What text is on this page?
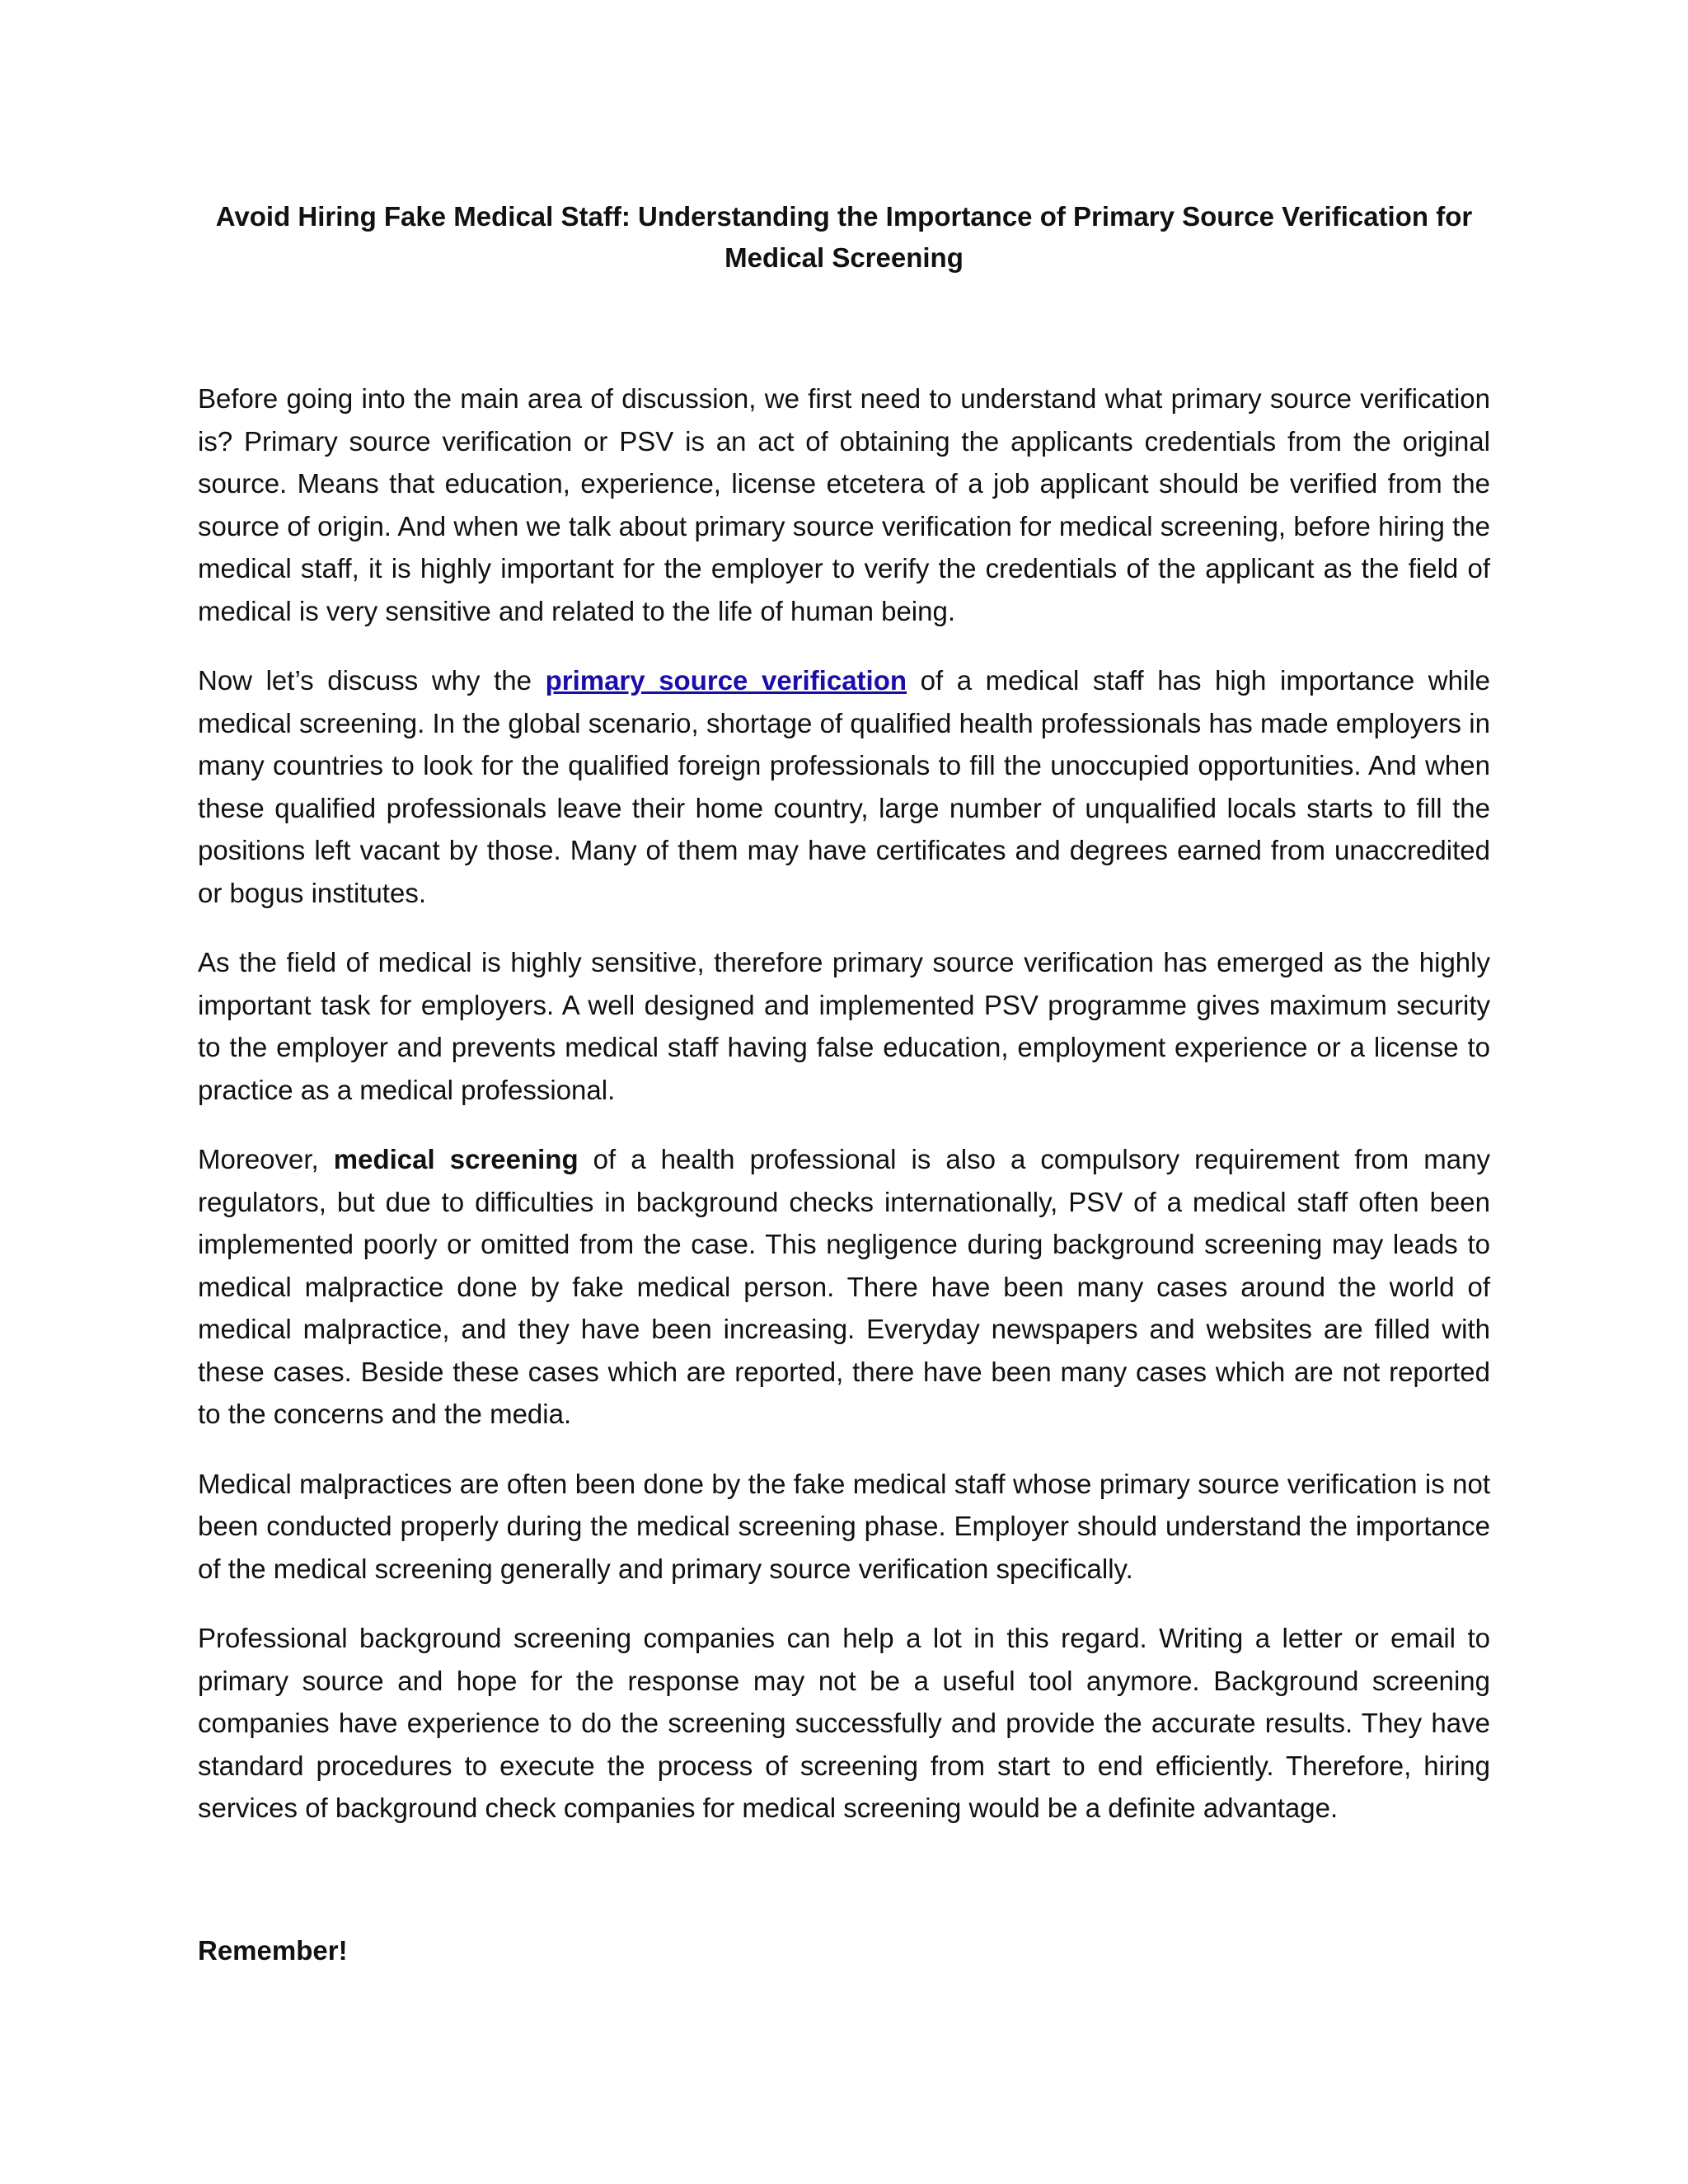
Avoid Hiring Fake Medical Staff: Understanding the Importance of Primary Source Verification for Medical Screening

Before going into the main area of discussion, we first need to understand what primary source verification is? Primary source verification or PSV is an act of obtaining the applicants credentials from the original source. Means that education, experience, license etcetera of a job applicant should be verified from the source of origin. And when we talk about primary source verification for medical screening, before hiring the medical staff, it is highly important for the employer to verify the credentials of the applicant as the field of medical is very sensitive and related to the life of human being.

Now let’s discuss why the primary source verification of a medical staff has high importance while medical screening. In the global scenario, shortage of qualified health professionals has made employers in many countries to look for the qualified foreign professionals to fill the unoccupied opportunities. And when these qualified professionals leave their home country, large number of unqualified locals starts to fill the positions left vacant by those. Many of them may have certificates and degrees earned from unaccredited or bogus institutes.

As the field of medical is highly sensitive, therefore primary source verification has emerged as the highly important task for employers. A well designed and implemented PSV programme gives maximum security to the employer and prevents medical staff having false education, employment experience or a license to practice as a medical professional.

Moreover, medical screening of a health professional is also a compulsory requirement from many regulators, but due to difficulties in background checks internationally, PSV of a medical staff often been implemented poorly or omitted from the case. This negligence during background screening may leads to medical malpractice done by fake medical person. There have been many cases around the world of medical malpractice, and they have been increasing. Everyday newspapers and websites are filled with these cases. Beside these cases which are reported, there have been many cases which are not reported to the concerns and the media.

Medical malpractices are often been done by the fake medical staff whose primary source verification is not been conducted properly during the medical screening phase. Employer should understand the importance of the medical screening generally and primary source verification specifically.

Professional background screening companies can help a lot in this regard. Writing a letter or email to primary source and hope for the response may not be a useful tool anymore. Background screening companies have experience to do the screening successfully and provide the accurate results. They have standard procedures to execute the process of screening from start to end efficiently. Therefore, hiring services of background check companies for medical screening would be a definite advantage.

Remember!
